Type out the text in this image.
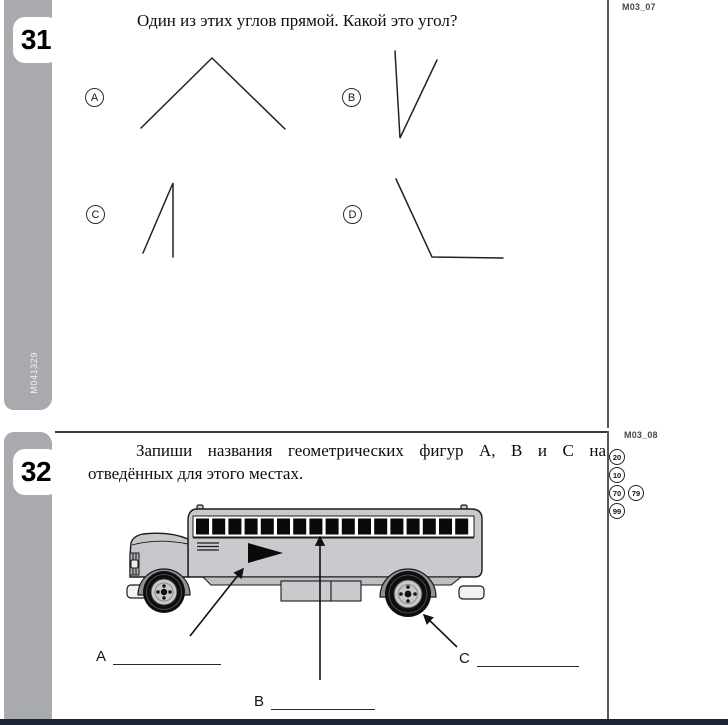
M041329
31
M03_07
Один из этих углов прямой. Какой это угол?
A	B
C	D
32
M03_08
20
10
70	79
99
Запиши названия геометрических фигур A, B и C на
отведённых для этого местах.
A
B
C
